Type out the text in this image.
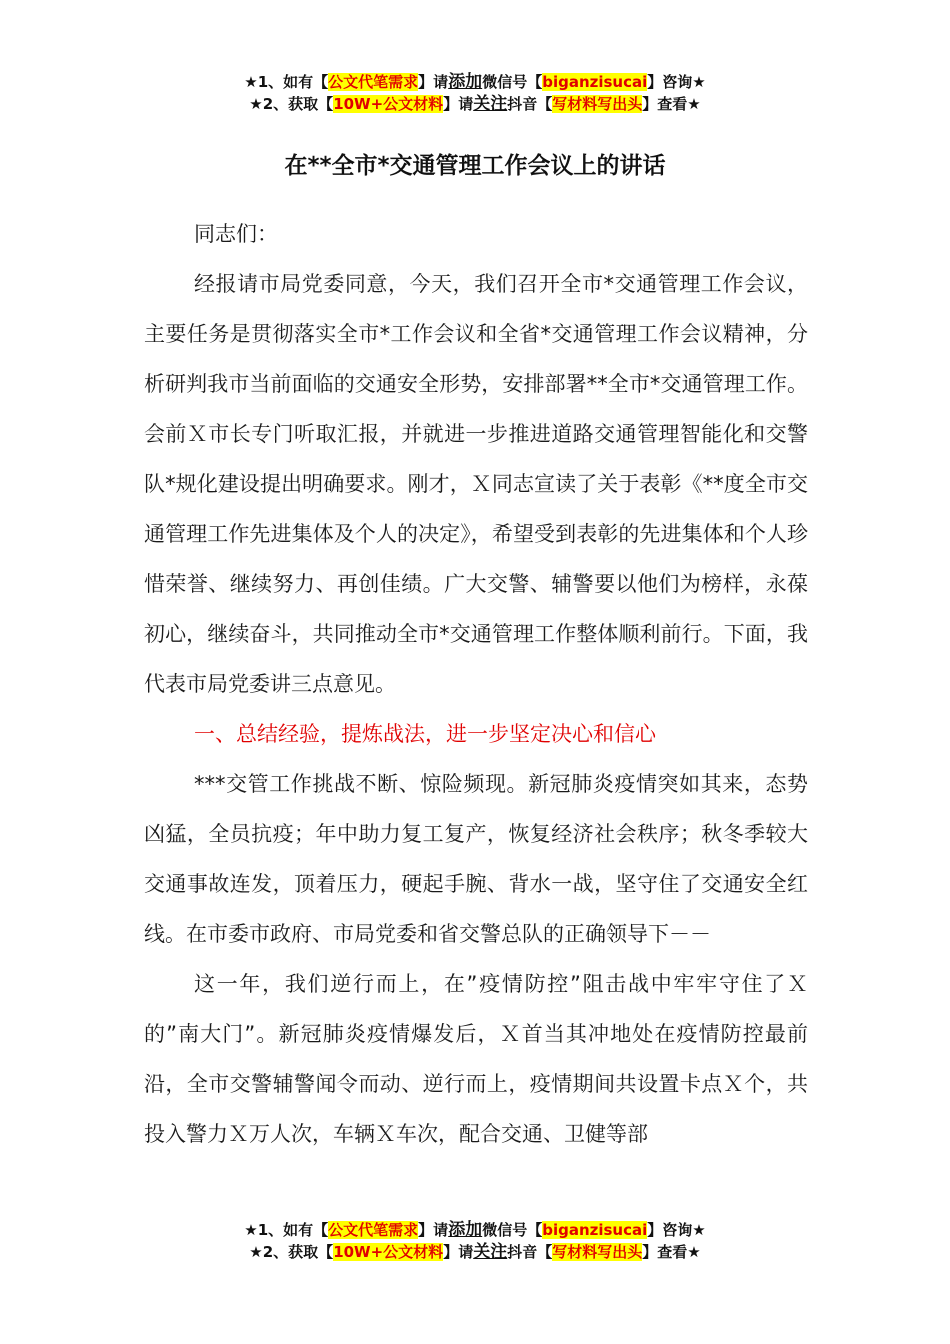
★1、如有【公文代笔需求】请添加微信号【biganzisucai】咨询★
★2、获取【10W+公文材料】请关注抖音【写材料写出头】查看★
在**全市*交通管理工作会议上的讲话

同志们：

经报请市局党委同意，今天，我们召开全市*交通管理工作会议，主要任务是贯彻落实全市*工作会议和全省*交通管理工作会议精神，分析研判我市当前面临的交通安全形势，安排部署**全市*交通管理工作。会前Ｘ市长专门听取汇报，并就进一步推进道路交通管理智能化和交警队*规化建设提出明确要求。刚才，Ｘ同志宣读了关于表彰《**度全市交通管理工作先进集体及个人的决定》，希望受到表彰的先进集体和个人珍惜荣誉、继续努力、再创佳绩。广大交警、辅警要以他们为榜样，永葆初心，继续奋斗，共同推动全市*交通管理工作整体顺利前行。下面，我代表市局党委讲三点意见。

一、总结经验，提炼战法，进一步坚定决心和信心

***交管工作挑战不断、惊险频现。新冠肺炎疫情突如其来，态势凶猛，全员抗疫；年中助力复工复产，恢复经济社会秩序；秋冬季较大交通事故连发，顶着压力，硬起手腕、背水一战，坚守住了交通安全红线。在市委市政府、市局党委和省交警总队的正确领导下－－

这一年，我们逆行而上，在”疫情防控”阻击战中牢牢守住了Ｘ的”南大门”。新冠肺炎疫情爆发后，Ｘ首当其冲地处在疫情防控最前沿，全市交警辅警闻令而动、逆行而上，疫情期间共设置卡点Ｘ个，共投入警力Ｘ万人次，车辆Ｘ车次，配合交通、卫健等部

★1、如有【公文代笔需求】请添加微信号【biganzisucai】咨询★
★2、获取【10W+公文材料】请关注抖音【写材料写出头】查看★
